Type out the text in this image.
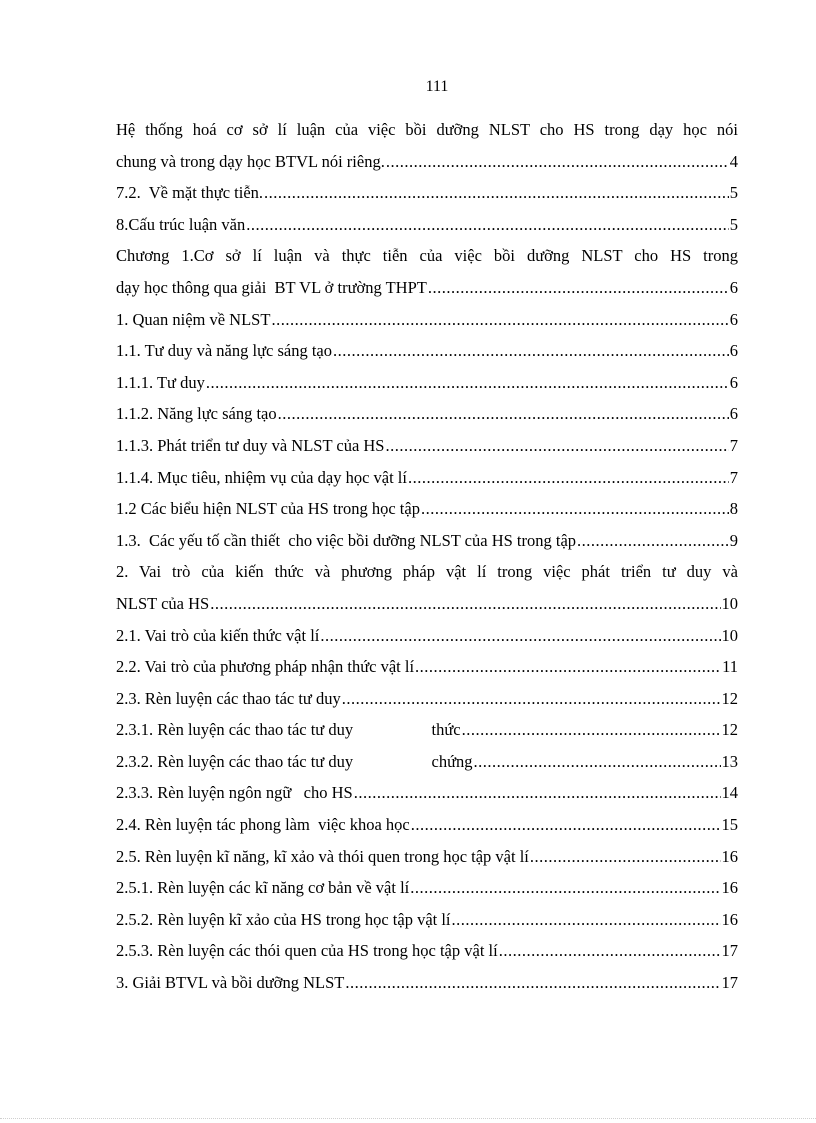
111
Hệ thống hoá cơ sở lí luận của việc bồi dưỡng NLST cho HS trong dạy học nói
chung và trong dạy học BTVL nói riêng. .....	4
7.2.  Về mặt thực tiễn. .....	5
8.Cấu trúc luận văn .....	5
Chương 1.Cơ sở lí luận và thực tiễn của việc bồi dưỡng NLST cho HS trong
dạy học thông qua giải  BT VL ở trường THPT .....	6
1. Quan niệm về NLST .....	6
1.1. Tư duy và năng lực sáng tạo .....	6
1.1.1. Tư duy .....	6
1.1.2. Năng lực sáng tạo .....	6
1.1.3. Phát triển tư duy và NLST của HS .....	7
1.1.4. Mục tiêu, nhiệm vụ của dạy học vật lí .....	7
1.2 Các biểu hiện NLST của HS trong học tập .....	8
1.3.  Các yếu tố cần thiết  cho việc bồi dưỡng NLST của HS trong tập .....	9
2. Vai trò của kiến thức và phương pháp vật lí trong việc phát triển tư duy và
NLST của HS .....	10
2.1. Vai trò của kiến thức vật lí .....	10
2.2. Vai trò của phương pháp nhận thức vật lí .....	11
2.3. Rèn luyện các thao tác tư duy .....	12
2.3.1. Rèn luyện các thao tác tư duy                   thức .....	12
2.3.2. Rèn luyện các thao tác tư duy                   chứng .....	13
2.3.3. Rèn luyện ngôn ngữ   cho HS .....	14
2.4. Rèn luyện tác phong làm  việc khoa học .....	15
2.5. Rèn luyện kĩ năng, kĩ xảo và thói quen trong học tập vật lí .....	16
2.5.1. Rèn luyện các kĩ năng cơ bản về vật lí .....	16
2.5.2. Rèn luyện kĩ xảo của HS trong học tập vật lí .....	16
2.5.3. Rèn luyện các thói quen của HS trong học tập vật lí .....	17
3. Giải BTVL và bồi dưỡng NLST .....	17
